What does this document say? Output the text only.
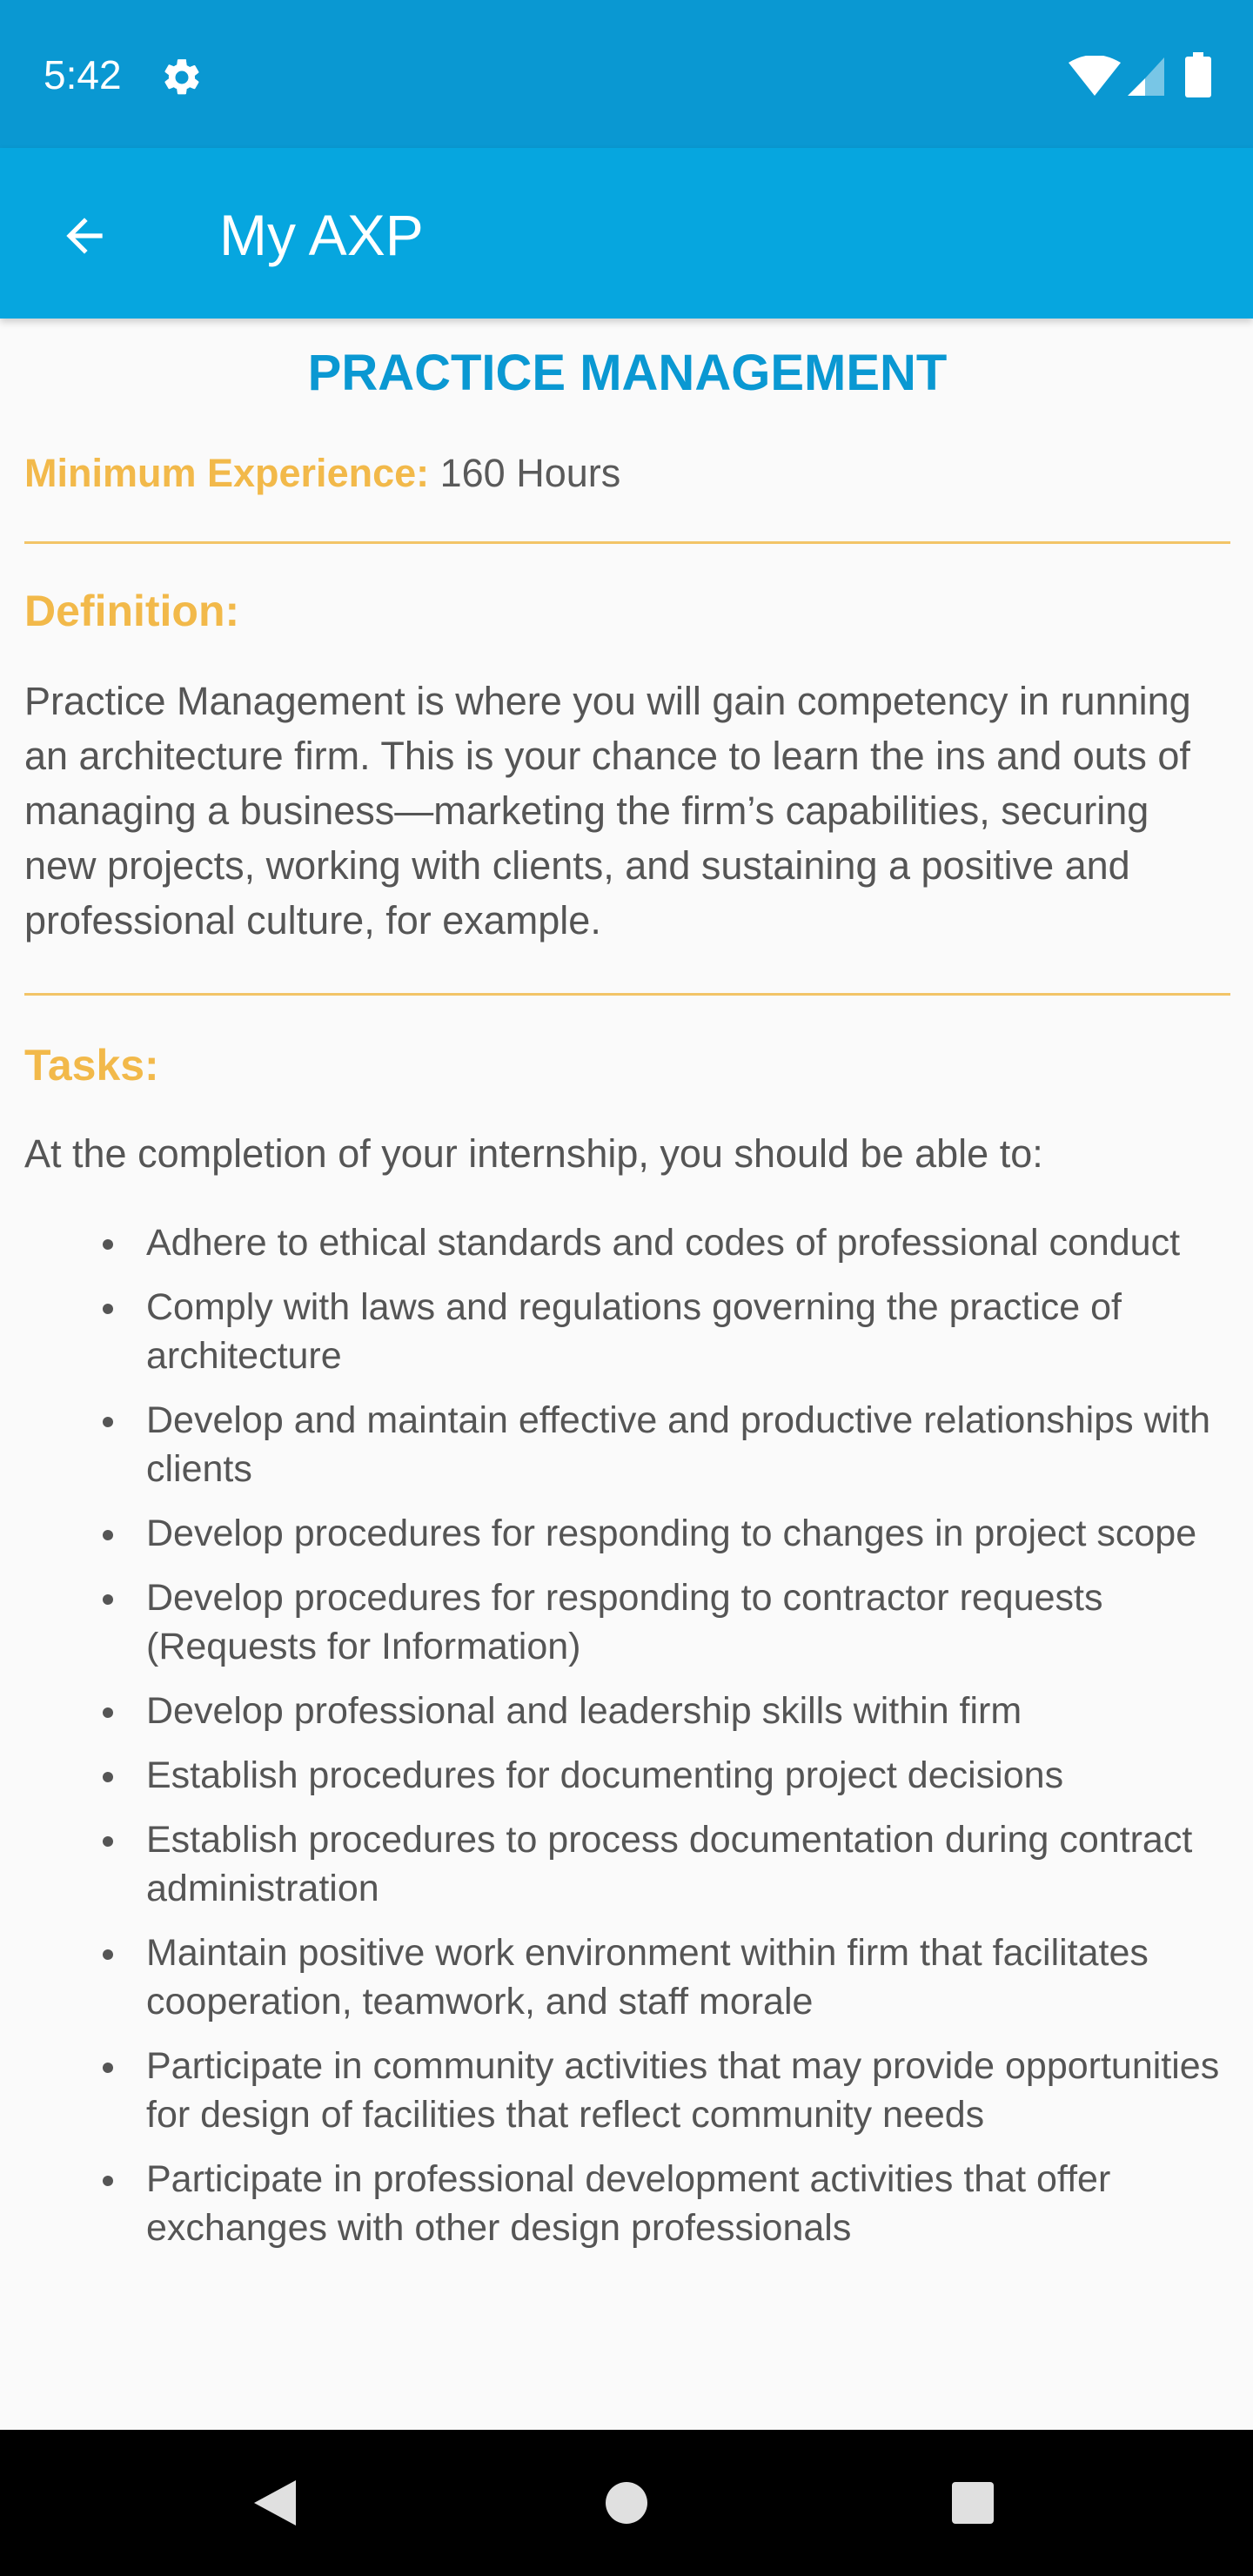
5:42
My AXP
PRACTICE MANAGEMENT
Minimum Experience: 160 Hours
Definition:
Practice Management is where you will gain competency in running an architecture firm. This is your chance to learn the ins and outs of managing a business—marketing the firm’s capabilities, securing new projects, working with clients, and sustaining a positive and professional culture, for example.
Tasks:
At the completion of your internship, you should be able to:
Adhere to ethical standards and codes of professional conduct
Comply with laws and regulations governing the practice of architecture
Develop and maintain effective and productive relationships with clients
Develop procedures for responding to changes in project scope
Develop procedures for responding to contractor requests (Requests for Information)
Develop professional and leadership skills within firm
Establish procedures for documenting project decisions
Establish procedures to process documentation during contract administration
Maintain positive work environment within firm that facilitates cooperation, teamwork, and staff morale
Participate in community activities that may provide opportunities for design of facilities that reflect community needs
Participate in professional development activities that offer exchanges with other design professionals
